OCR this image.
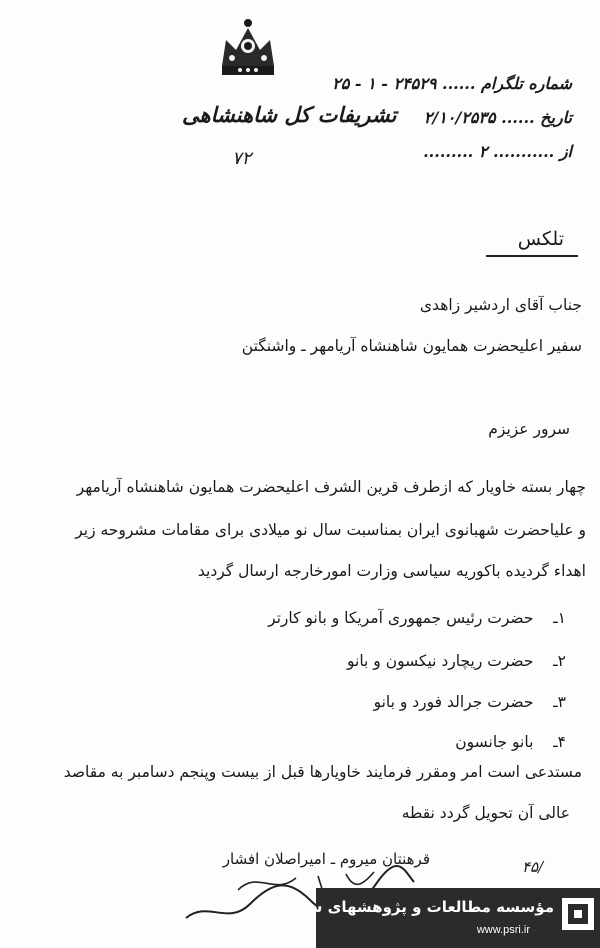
تشریفات کل شاهنشاهی
شماره تلگرام ...... ۲۴۵۲۹ - ۱ - ۲۵
تاریخ ...... ۲/۱۰/۲۵۳۵
از ........... ۲ .........
۷۲
تلکس
جناب آقای اردشیر زاهدی
سفیر اعلیحضرت همایون شاهنشاه آریامهر ـ واشنگتن
سرور عزیزم
چهار بسته خاویار که ازطرف قرین الشرف اعلیحضرت همایون شاهنشاه آریامهر
و علیاحضرت شهبانوی ایران بمناسبت سال نو میلادی برای مقامات مشروحه زیر
اهداء گردیده باکوریه سیاسی وزارت امورخارجه ارسال گردید
۱ـ    حضرت رئیس جمهوری آمریکا و بانو کارتر
۲ـ    حضرت ریچارد نیکسون و بانو
۳ـ    حضرت جرالد فورد و بانو
۴ـ    بانو جانسون
مستدعی است امر ومقرر فرمایند خاویارها قبل از بیست وپنجم دسامبر به مقاصد
عالی آن تحویل گردد نقطه
قرهنتان میروم ـ امیراصلان افشار	۴۵/
مؤسسه مطالعات و پژوهشهای سیاسی
www.psri.ir
